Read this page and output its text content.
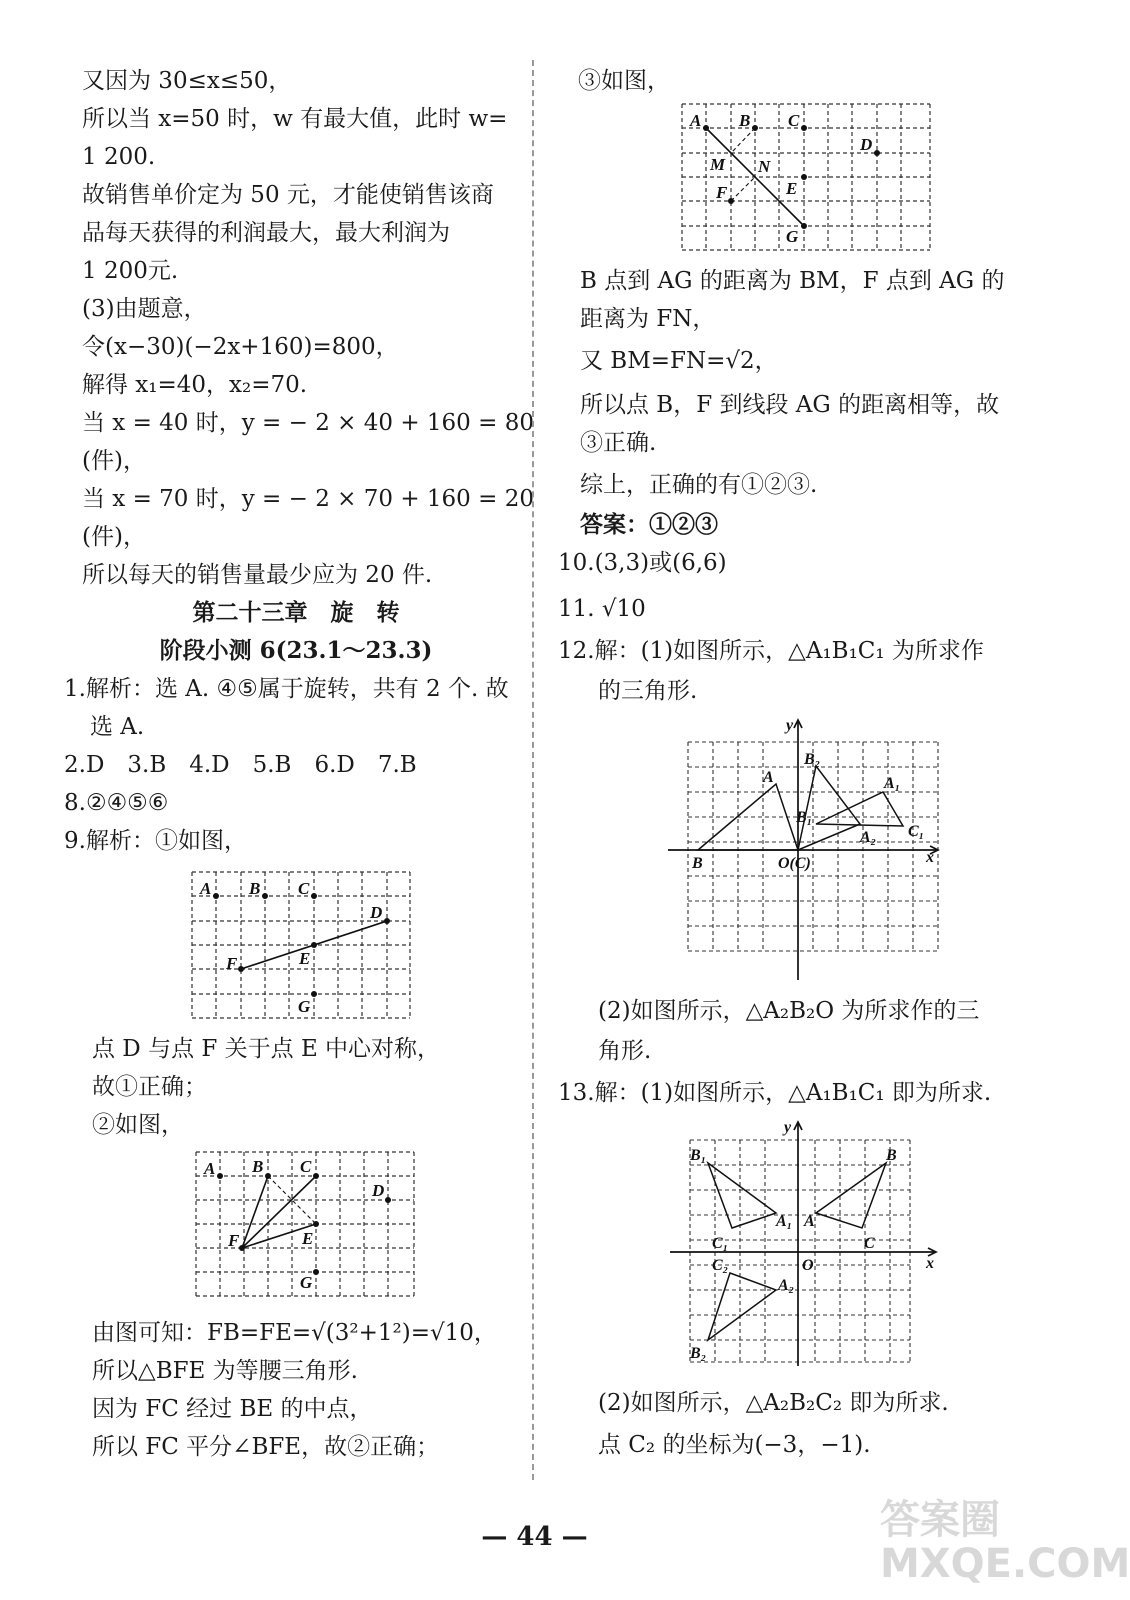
又因为 30≤x≤50，
所以当 x=50 时，w 有最大值，此时 w=
1 200.
故销售单价定为 50 元，才能使销售该商
品每天获得的利润最大，最大利润为
1 200元.
(3)由题意，
令(x−30)(−2x+160)=800，
解得 x₁=40，x₂=70.
当 x = 40 时，y = − 2 × 40 + 160 = 80
(件)，
当 x = 70 时，y = − 2 × 70 + 160 = 20
(件)，
所以每天的销售量最少应为 20 件.
第二十三章　旋　转
阶段小测 6(23.1～23.3)
1.解析：选 A. ④⑤属于旋转，共有 2 个. 故
选 A.
2.D　3.B　4.D　5.B　6.D　7.B
8.②④⑤⑥
9.解析：①如图，
A B C
D
E
F
G
点 D 与点 F 关于点 E 中心对称，
故①正确；
②如图，
A B C
D
E
F
G
由图可知：FB=FE=√(3²+1²)=√10，
所以△BFE 为等腰三角形.
因为 FC 经过 BE 的中点，
所以 FC 平分∠BFE，故②正确；
③如图，
A B C
D
M N
F	E
G
B 点到 AG 的距离为 BM，F 点到 AG 的
距离为 FN，
又 BM=FN=√2，
所以点 B，F 到线段 AG 的距离相等，故
③正确.
综上，正确的有①②③.
答案：①②③
10.(3,3)或(6,6)
11. √10
12.解：(1)如图所示，△A₁B₁C₁ 为所求作
的三角形.
A
B
C₁
A₁
B₁
A₂
B₂
O(C)	x
y
(2)如图所示，△A₂B₂O 为所求作的三
角形.
13.解：(1)如图所示，△A₁B₁C₁ 即为所求.
B₁	B
A₁ A
C₁	C
C₂
A₂
B₂
O	x
y
(2)如图所示，△A₂B₂C₂ 即为所求.
点 C₂ 的坐标为(−3，−1).
— 44 —	答案圈
MXQE.COM
